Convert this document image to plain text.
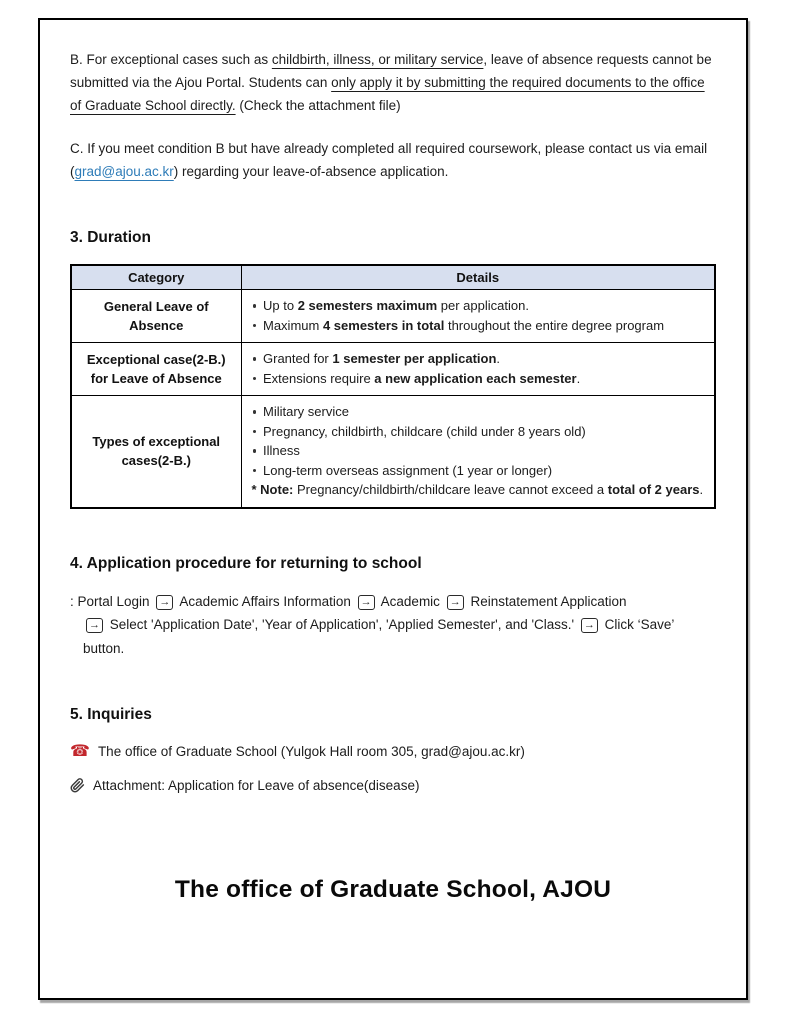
B. For exceptional cases such as childbirth, illness, or military service, leave of absence requests cannot be submitted via the Ajou Portal. Students can only apply it by submitting the required documents to the office of Graduate School directly. (Check the attachment file)

C. If you meet condition B but have already completed all required coursework, please contact us via email (grad@ajou.ac.kr) regarding your leave-of-absence application.

3. Duration
Category	Details
General Leave of Absence	Up to 2 semesters maximum per application.
Maximum 4 semesters in total throughout the entire degree program

Exceptional case(2-B.) for Leave of Absence	Granted for 1 semester per application.
Extensions require a new application each semester.

Types of exceptional cases(2-B.)	Military service
Pregnancy, childbirth, childcare (child under 8 years old)
Illness
Long-term overseas assignment (1 year or longer)
* Note: Pregnancy/childbirth/childcare leave cannot exceed a total of 2 years.
4. Application procedure for returning to school

: Portal Login → Academic Affairs Information → Academic → Reinstatement Application

→ Select 'Application Date', 'Year of Application', 'Applied Semester', and 'Class.' → Click ‘Save’ button.

5. Inquiries
☎ The office of Graduate School (Yulgok Hall room 305, grad@ajou.ac.kr)
Attachment: Application for Leave of absence(disease)
The office of Graduate School, AJOU
